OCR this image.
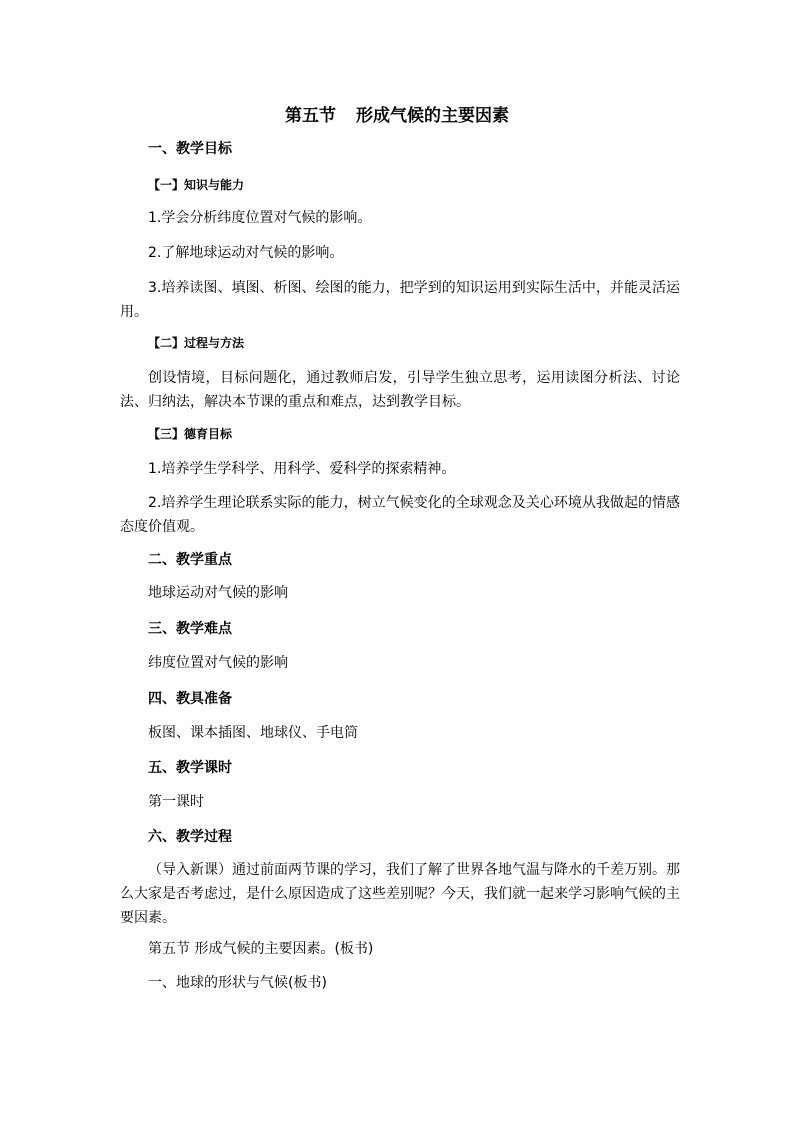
第五节 形成气候的主要因素
一、教学目标
【一】知识与能力
1.学会分析纬度位置对气候的影响。
2.了解地球运动对气候的影响。
3.培养读图、填图、析图、绘图的能力，把学到的知识运用到实际生活中，并能灵活运用。
【二】过程与方法
创设情境，目标问题化，通过教师启发，引导学生独立思考，运用读图分析法、讨论法、归纳法，解决本节课的重点和难点，达到教学目标。
【三】德育目标
1.培养学生学科学、用科学、爱科学的探索精神。
2.培养学生理论联系实际的能力，树立气候变化的全球观念及关心环境从我做起的情感态度价值观。
二、教学重点
地球运动对气候的影响
三、教学难点
纬度位置对气候的影响
四、教具准备
板图、课本插图、地球仪、手电筒
五、教学课时
第一课时
六、教学过程
（导入新课）通过前面两节课的学习，我们了解了世界各地气温与降水的千差万别。那么大家是否考虑过，是什么原因造成了这些差别呢？今天，我们就一起来学习影响气候的主要因素。
第五节 形成气候的主要因素。(板书)
一、地球的形状与气候(板书)
